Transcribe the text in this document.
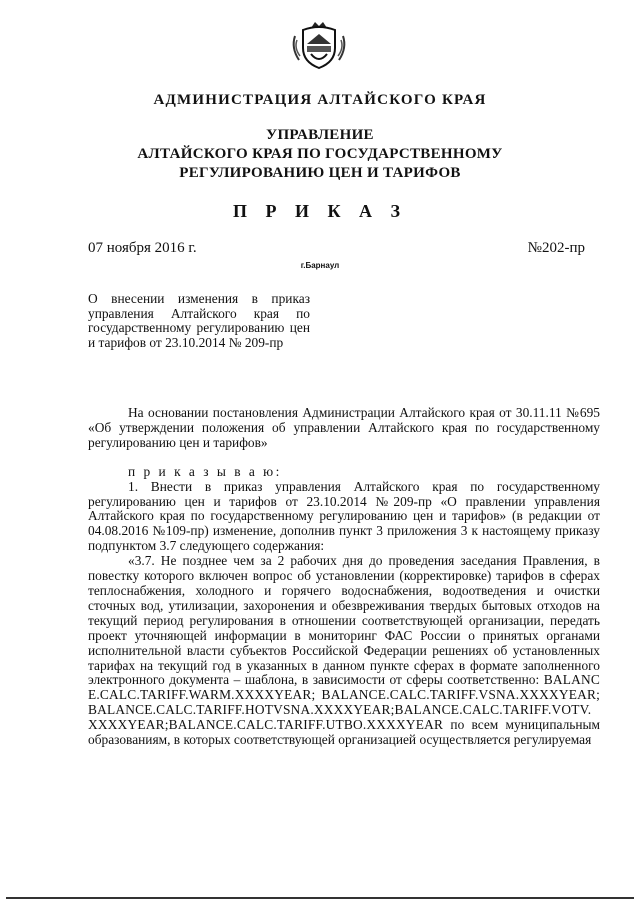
АДМИНИСТРАЦИЯ АЛТАЙСКОГО КРАЯ
УПРАВЛЕНИЕ
АЛТАЙСКОГО КРАЯ ПО ГОСУДАРСТВЕННОМУ
РЕГУЛИРОВАНИЮ ЦЕН И ТАРИФОВ
П Р И К А З
07 ноября 2016 г.	№202-пр
г.Барнаул
О внесении изменения в приказ управления Алтайского края по государственному регулированию цен и тарифов от 23.10.2014 № 209-пр

На основании постановления Администрации Алтайского края от 30.11.11 №695 «Об утверждении положения об управлении Алтайского края по государственному регулированию цен и тарифов»

п р и к а з ы в а ю:

1. Внести в приказ управления Алтайского края по государственному регулированию цен и тарифов от 23.10.2014 №209-пр «О правлении управления Алтайского края по государственному регулированию цен и тарифов» (в редакции от 04.08.2016 №109-пр) изменение, дополнив пункт 3 приложения 3 к настоящему приказу подпунктом 3.7 следующего содержания:

«3.7. Не позднее чем за 2 рабочих дня до проведения заседания Правления, в повестку которого включен вопрос об установлении (корректировке) тарифов в сферах теплоснабжения, холодного и горячего водоснабжения, водоотведения и очистки сточных вод, утилизации, захоронения и обезвреживания твердых бытовых отходов на текущий период регулирования в отношении соответствующей организации, передать проект уточняющей информации в мониторинг ФАС России о принятых органами исполнительной власти субъектов Российской Федерации решениях об установленных тарифах на текущий год в указанных в данном пункте сферах в формате заполненного электронного документа – шаблона, в зависимости от сферы соответственно: BALANCE.CALC.TARIFF.WARM.XXXXYEAR; BALANCE.CALC.TARIFF.VSNA.XXXXYEAR;BALANCE.CALC.TARIFF.HOTVSNA.XXXXYEAR;BALANCE.CALC.TARIFF.VOTV.XXXXYEAR;BALANCE.CALC.TARIFF.UTBO.XXXXYEAR по всем муниципальным образованиям, в которых соответствующей организацией осуществляется регулируемая
